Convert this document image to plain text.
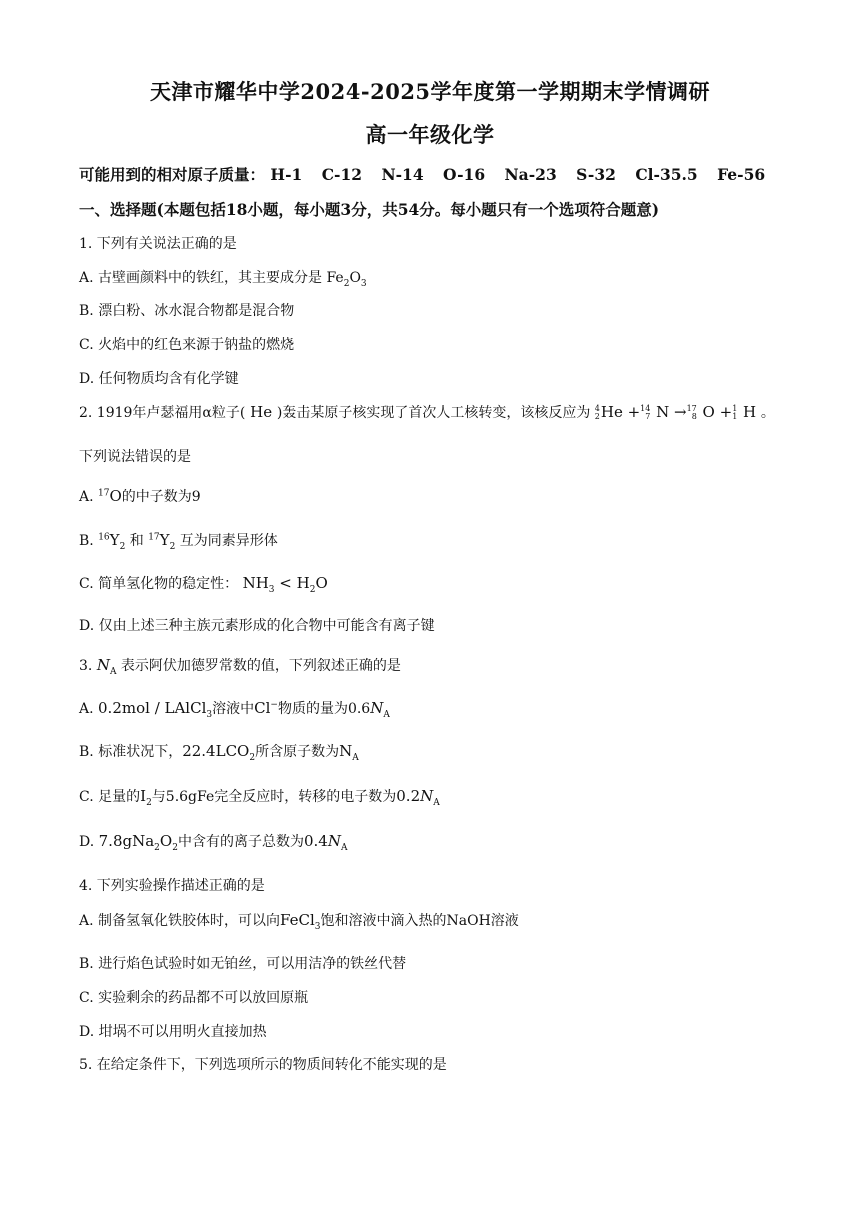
天津市耀华中学2024-2025学年度第一学期期末学情调研
高一年级化学
可能用到的相对原子质量： H-1 C-12 N-14 O-16 Na-23 S-32 Cl-35.5 Fe-56
一、选择题(本题包括18小题，每小题3分，共54分。每小题只有一个选项符合题意)
1. 下列有关说法正确的是
A. 古壁画颜料中的铁红，其主要成分是 $Fe_2O_3$
B. 漂白粉、冰水混合物都是混合物
C. 火焰中的红色来源于钠盐的燃烧
D. 任何物质均含有化学键
2. 1919年卢瑟福用α粒子( He )轰击某原子核实现了首次人工核转变，该核反应为 4
2 He + 14
7 N → 17
8 O + 1
1 H 。
下列说法错误的是
A. $^{17}$O的中子数为9
B. $^{16}Y_2$ 和 $^{17}Y_2$ 互为同素异形体
C. 简单氢化物的稳定性： $NH_3 < H_2O$
D. 仅由上述三种主族元素形成的化合物中可能含有离子键
3. $N_A$ 表示阿伏加德罗常数的值，下列叙述正确的是
A. 0.2mol / LAlCl$_3$溶液中Cl−物质的量为$0.6N_A$
B. 标准状况下，$22.4LCO_2$所含原子数为$N_A$
C. 足量的$I_2$与5.6gFe完全反应时，转移的电子数为$0.2N_A$
D. $7.8gNa_2O_2$中含有的离子总数为$0.4N_A$
4. 下列实验操作描述正确的是
A. 制备氢氧化铁胶体时，可以向FeCl$_3$饱和溶液中滴入热的NaOH溶液
B. 进行焰色试验时如无铂丝，可以用洁净的铁丝代替
C. 实验剩余的药品都不可以放回原瓶
D. 坩埚不可以用明火直接加热
5. 在给定条件下，下列选项所示的物质间转化不能实现的是
